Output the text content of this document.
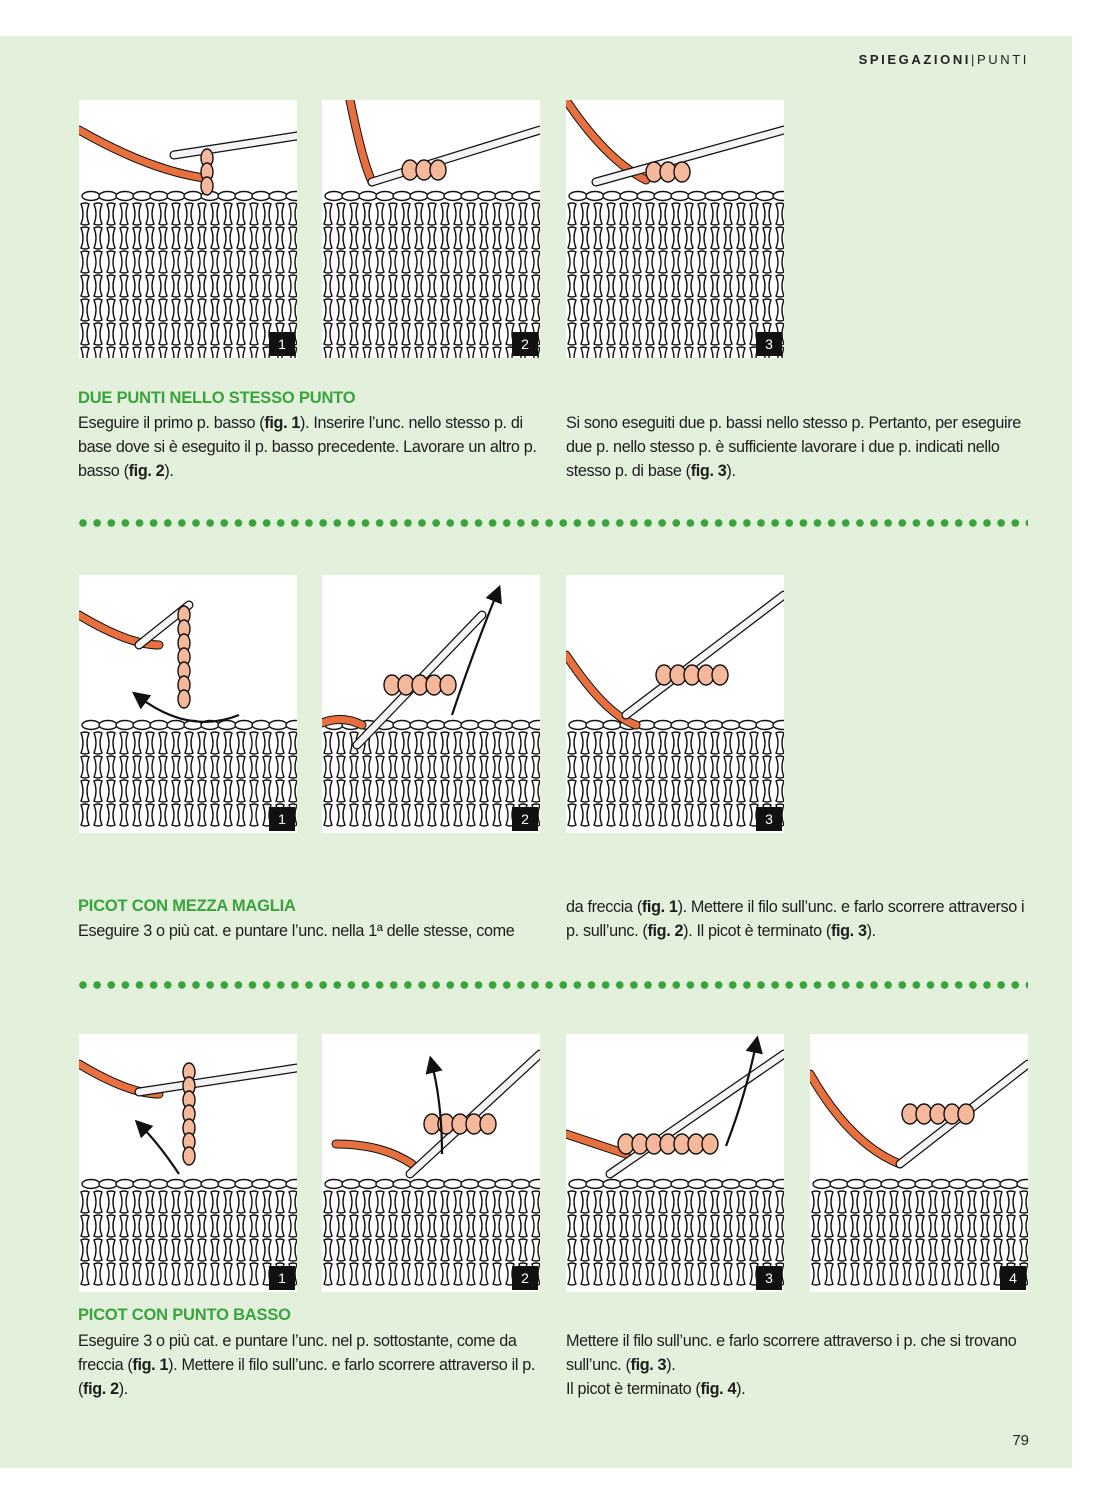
SPIEGAZIONI|PUNTI
1	2	3
DUE PUNTI NELLO STESSO PUNTO

Eseguire il primo p. basso (fig. 1). Inserire l’unc. nello stesso p. di base dove si è eseguito il p. basso precedente. Lavorare un altro p. basso (fig. 2).

Si sono eseguiti due p. bassi nello stesso p. Pertanto, per eseguire due p. nello stesso p. è sufficiente lavorare i due p. indicati nello stesso p. di base (fig. 3).

1	2	3
PICOT CON MEZZA MAGLIA

Eseguire 3 o più cat. e puntare l’unc. nella 1ª delle stesse, come

da freccia (fig. 1). Mettere il filo sull’unc. e farlo scorrere attraverso i p. sull’unc. (fig. 2). Il picot è terminato (fig. 3).

1	2	3	4
PICOT CON PUNTO BASSO

Eseguire 3 o più cat. e puntare l’unc. nel p. sottostante, come da freccia (fig. 1). Mettere il filo sull’unc. e farlo scorrere attraverso il p. (fig. 2).

Mettere il filo sull’unc. e farlo scorrere attraverso i p. che si trovano sull’unc. (fig. 3).
Il picot è terminato (fig. 4).

79
